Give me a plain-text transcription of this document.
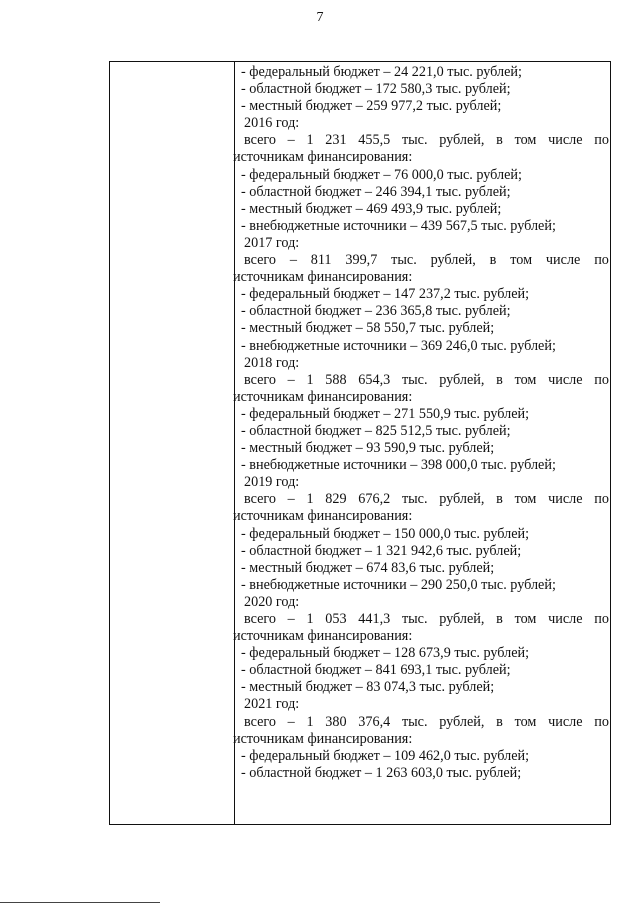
7
- федеральный бюджет – 24 221,0 тыс. рублей;
- областной бюджет – 172 580,3 тыс. рублей;
- местный бюджет – 259 977,2 тыс. рублей;
2016 год:
всего – 1 231 455,5 тыс. рублей, в том числе по
источникам финансирования:
- федеральный бюджет – 76 000,0 тыс. рублей;
- областной бюджет – 246 394,1 тыс. рублей;
- местный бюджет – 469 493,9 тыс. рублей;
- внебюджетные источники – 439 567,5 тыс. рублей;
2017 год:
всего – 811 399,7 тыс. рублей, в том числе по
источникам финансирования:
- федеральный бюджет – 147 237,2 тыс. рублей;
- областной бюджет – 236 365,8 тыс. рублей;
- местный бюджет – 58 550,7 тыс. рублей;
- внебюджетные источники – 369 246,0 тыс. рублей;
2018 год:
всего – 1 588 654,3 тыс. рублей, в том числе по
источникам финансирования:
- федеральный бюджет – 271 550,9 тыс. рублей;
- областной бюджет – 825 512,5 тыс. рублей;
- местный бюджет – 93 590,9 тыс. рублей;
- внебюджетные источники – 398 000,0 тыс. рублей;
2019 год:
всего – 1 829 676,2 тыс. рублей, в том числе по
источникам финансирования:
- федеральный бюджет – 150 000,0 тыс. рублей;
- областной бюджет – 1 321 942,6 тыс. рублей;
- местный бюджет – 674 83,6 тыс. рублей;
- внебюджетные источники – 290 250,0 тыс. рублей;
2020 год:
всего – 1 053 441,3 тыс. рублей, в том числе по
источникам финансирования:
- федеральный бюджет – 128 673,9 тыс. рублей;
- областной бюджет – 841 693,1 тыс. рублей;
- местный бюджет – 83 074,3 тыс. рублей;
2021 год:
всего – 1 380 376,4 тыс. рублей, в том числе по
источникам финансирования:
- федеральный бюджет – 109 462,0 тыс. рублей;
- областной бюджет – 1 263 603,0 тыс. рублей;
